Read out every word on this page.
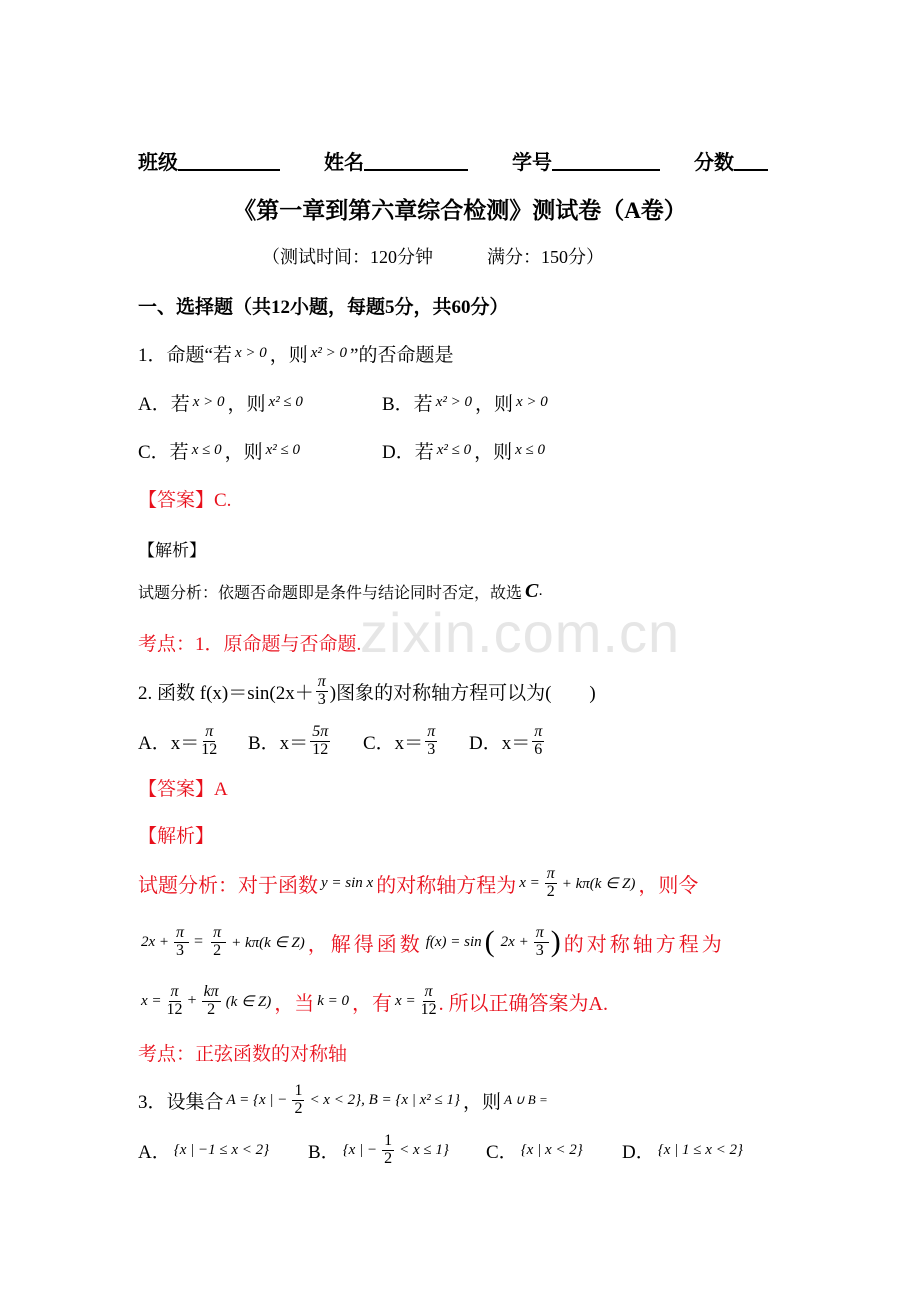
zixin.com.cn
班级	姓名	学号	分数
《第一章到第六章综合检测》测试卷（A卷）
（测试时间：120分钟	满分：150分）
一、选择题（共12小题，每题5分，共60分）
1．命题“若 x > 0 ，则 x² > 0 ”的否命题是
A．若 x > 0 ，则 x² ≤ 0	B．若 x² > 0 ，则 x > 0
C．若 x ≤ 0 ，则 x² ≤ 0	D．若 x² ≤ 0 ，则 x ≤ 0
【答案】C.
【解析】
试题分析：依题否命题即是条件与结论同时否定，故选 C .
考点：1．原命题与否命题.
2. 函数 $f(x)=\sin(2x+ \frac{\pi}{3}$ )图象的对称轴方程可以为(　　)
A．$x= \frac{\pi}{12}$ B．$x= \frac{5\pi}{12}$ C．$x= \frac{\pi}{3}$ D．$x= \frac{\pi}{6}$
【答案】A
【解析】
试题分析：对于函数 y = sin x 的对称轴方程为 $x = \frac{\pi}{2} + k\pi(k$ ∈ Z) ，则令
$2x + \frac{\pi}{3} = \frac{\pi}{2} + k\pi(k$ ∈ Z) ，解得函数 f(x) = sin ( $2x + \frac{\pi}{3}$ ) 的对称轴方程为
$x = \frac{\pi}{12} + \frac{k\pi}{2} (k$ ∈ Z) ，当 k = 0 ，有 $x = \frac{\pi}{12}$ . 所以正确答案为A.
考点：正弦函数的对称轴
3．设集合 A = {x | − $\frac{1}{2} < x < 2$}, B = {x | x² ≤ 1} ，则 A ∪ B =
A． {x | −1 ≤ x < 2} B． {x | − $\frac{1}{2} < x \le 1$} C． {x | x < 2} D． {x | 1 ≤ x < 2}
